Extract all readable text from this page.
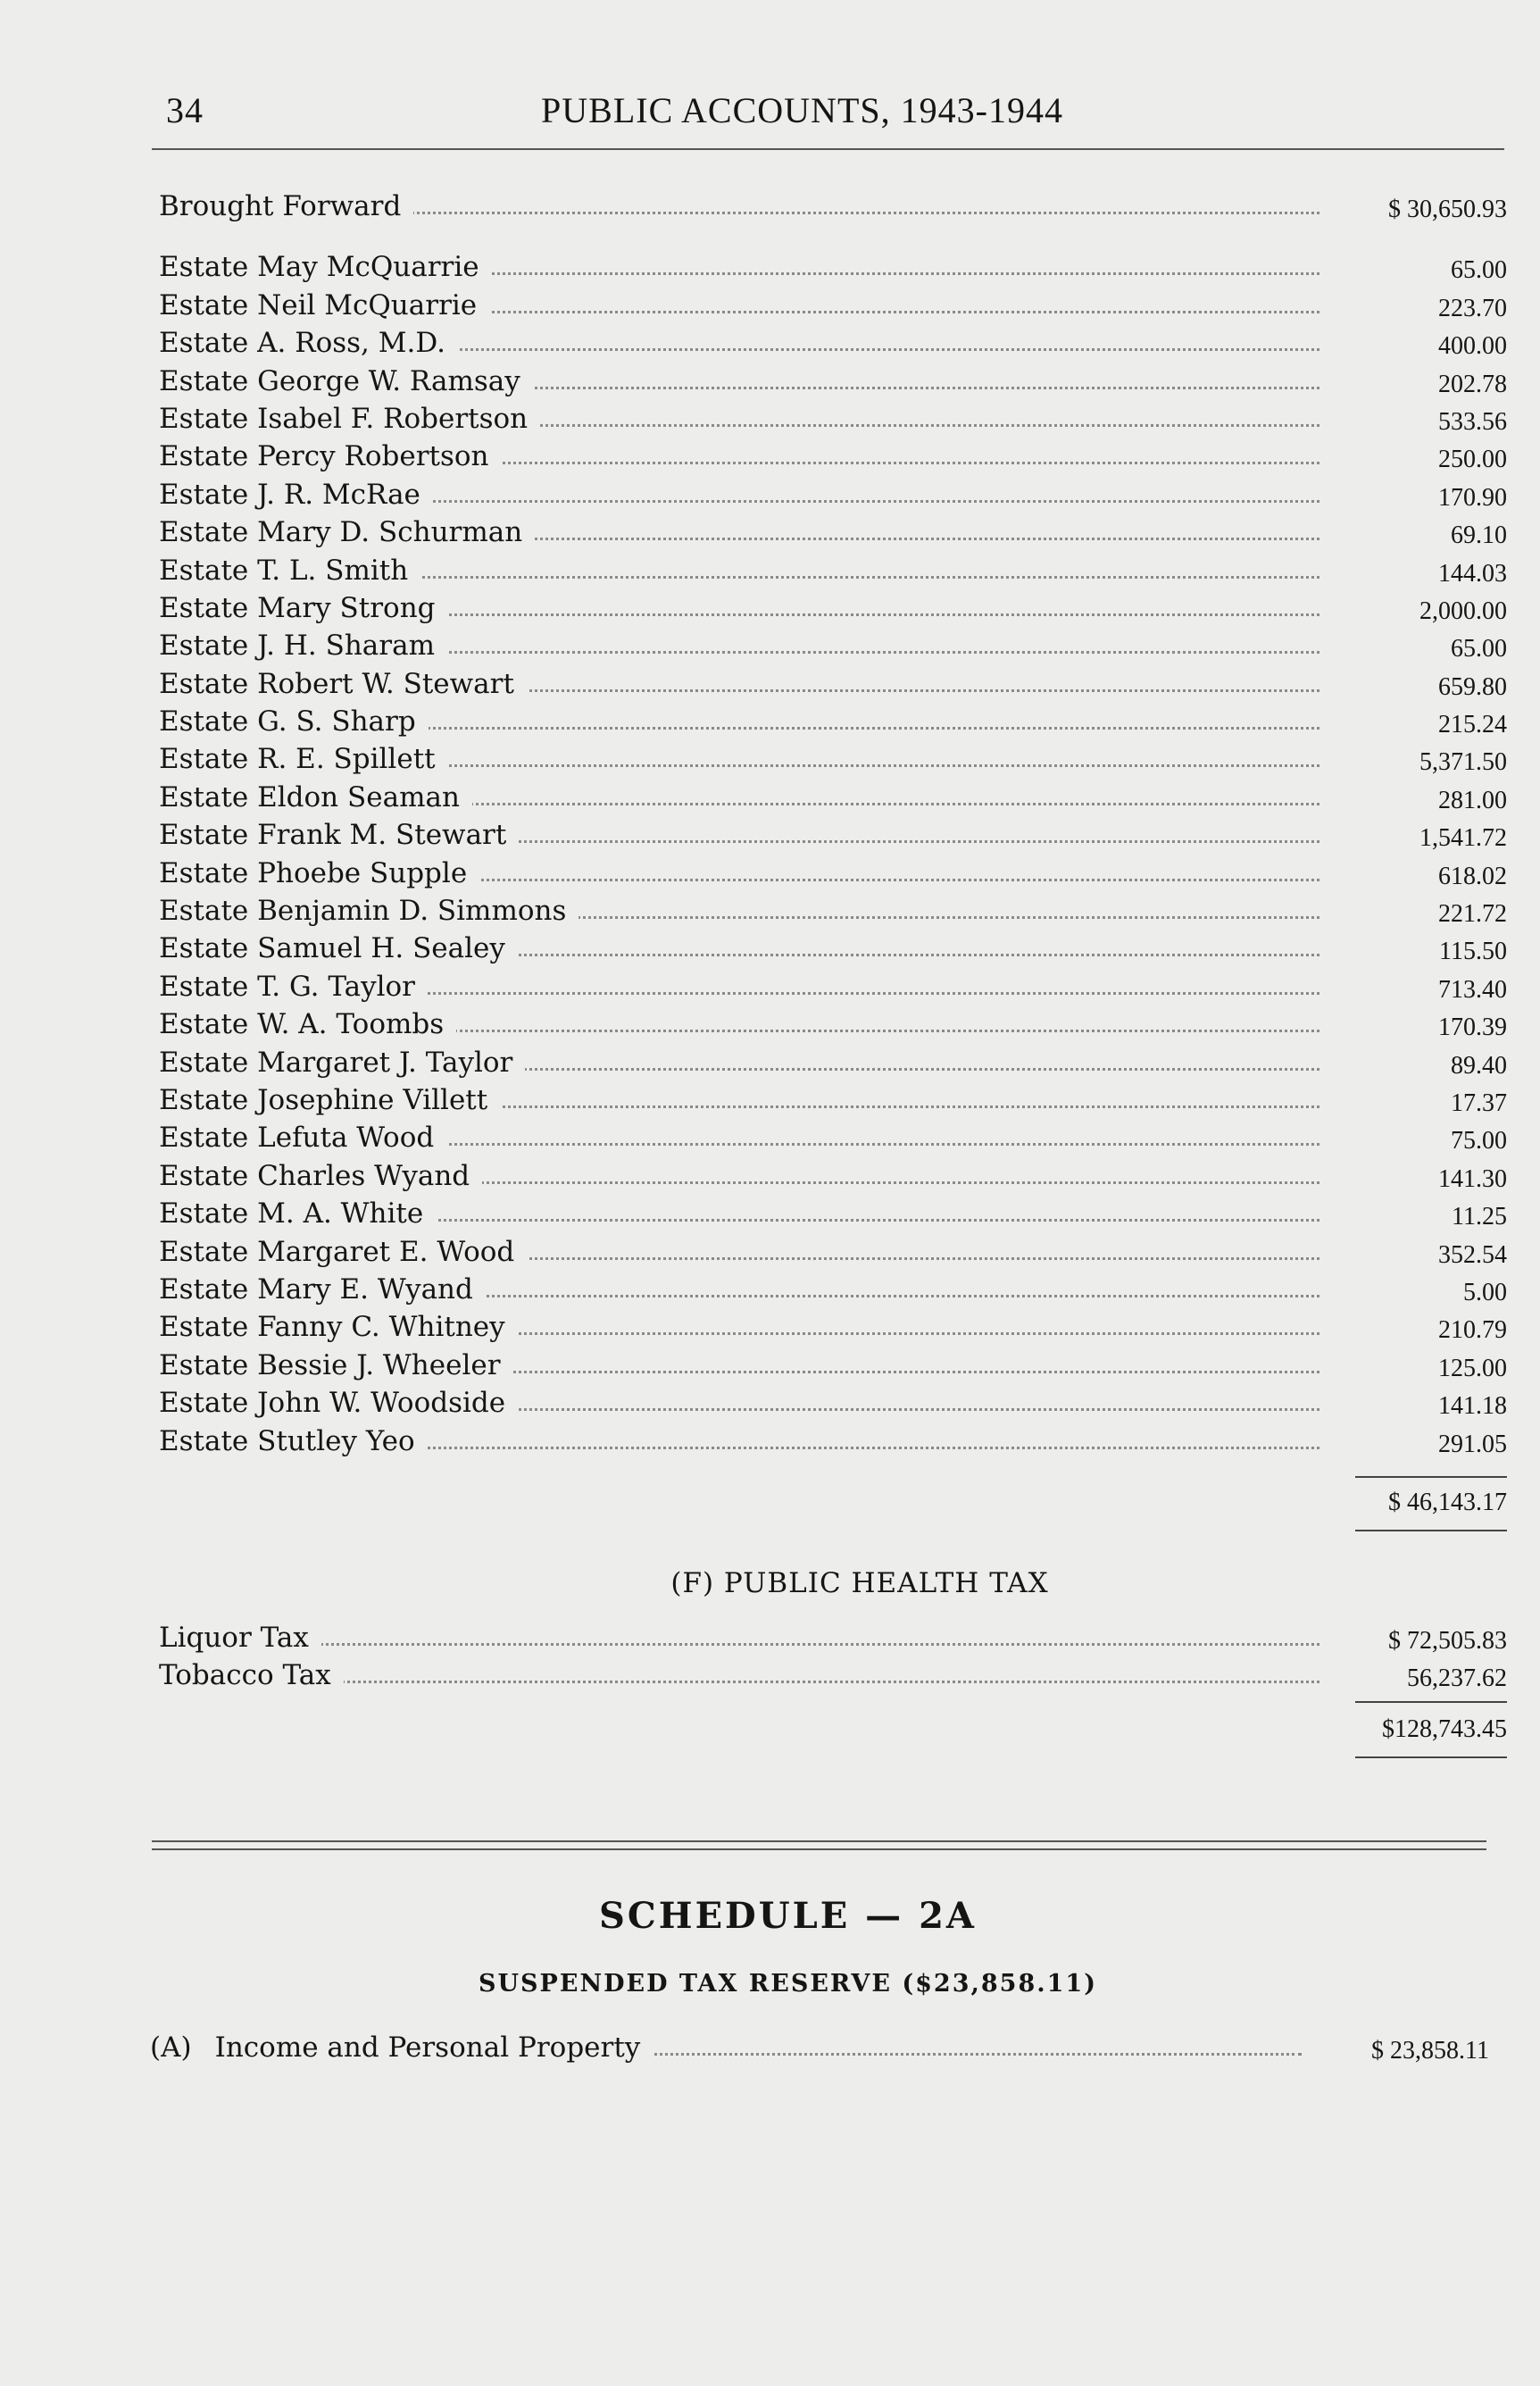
34	PUBLIC ACCOUNTS, 1943-1944
Brought Forward	$ 30,650.93
Estate May McQuarrie	65.00
Estate Neil McQuarrie	223.70
Estate A. Ross, M.D.	400.00
Estate George W. Ramsay	202.78
Estate Isabel F. Robertson	533.56
Estate Percy Robertson	250.00
Estate J. R. McRae	170.90
Estate Mary D. Schurman	69.10
Estate T. L. Smith	144.03
Estate Mary Strong	2,000.00
Estate J. H. Sharam	65.00
Estate Robert W. Stewart	659.80
Estate G. S. Sharp	215.24
Estate R. E. Spillett	5,371.50
Estate Eldon Seaman	281.00
Estate Frank M. Stewart	1,541.72
Estate Phoebe Supple	618.02
Estate Benjamin D. Simmons	221.72
Estate Samuel H. Sealey	115.50
Estate T. G. Taylor	713.40
Estate W. A. Toombs	170.39
Estate Margaret J. Taylor	89.40
Estate Josephine Villett	17.37
Estate Lefuta Wood	75.00
Estate Charles Wyand	141.30
Estate M. A. White	11.25
Estate Margaret E. Wood	352.54
Estate Mary E. Wyand	5.00
Estate Fanny C. Whitney	210.79
Estate Bessie J. Wheeler	125.00
Estate John W. Woodside	141.18
Estate Stutley Yeo	291.05
$ 46,143.17
(F) PUBLIC HEALTH TAX
Liquor Tax	$ 72,505.83
Tobacco Tax	56,237.62
$128,743.45
SCHEDULE — 2A
SUSPENDED TAX RESERVE ($23,858.11)
(A) Income and Personal Property	$ 23,858.11
